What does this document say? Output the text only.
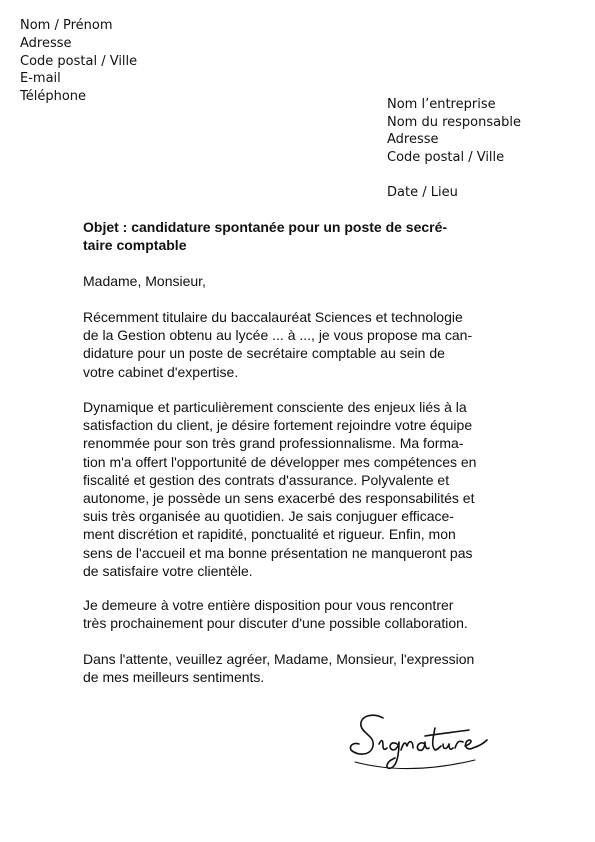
Nom / Prénom
Adresse
Code postal / Ville
E-mail
Téléphone
Nom l’entreprise
Nom du responsable
Adresse
Code postal / Ville
Date / Lieu
Objet : candidature spontanée pour un poste de secré-
taire comptable
Madame, Monsieur,
Récemment titulaire du baccalauréat Sciences et technologie
de la Gestion obtenu au lycée ... à ..., je vous propose ma can-
didature pour un poste de secrétaire comptable au sein de
votre cabinet d'expertise.
Dynamique et particulièrement consciente des enjeux liés à la
satisfaction du client, je désire fortement rejoindre votre équipe
renommée pour son très grand professionnalisme. Ma forma-
tion m'a offert l'opportunité de développer mes compétences en
fiscalité et gestion des contrats d'assurance. Polyvalente et
autonome, je possède un sens exacerbé des responsabilités et
suis très organisée au quotidien. Je sais conjuguer efficace-
ment discrétion et rapidité, ponctualité et rigueur. Enfin, mon
sens de l'accueil et ma bonne présentation ne manqueront pas
de satisfaire votre clientèle.
Je demeure à votre entière disposition pour vous rencontrer
très prochainement pour discuter d'une possible collaboration.
Dans l'attente, veuillez agréer, Madame, Monsieur, l'expression
de mes meilleurs sentiments.
